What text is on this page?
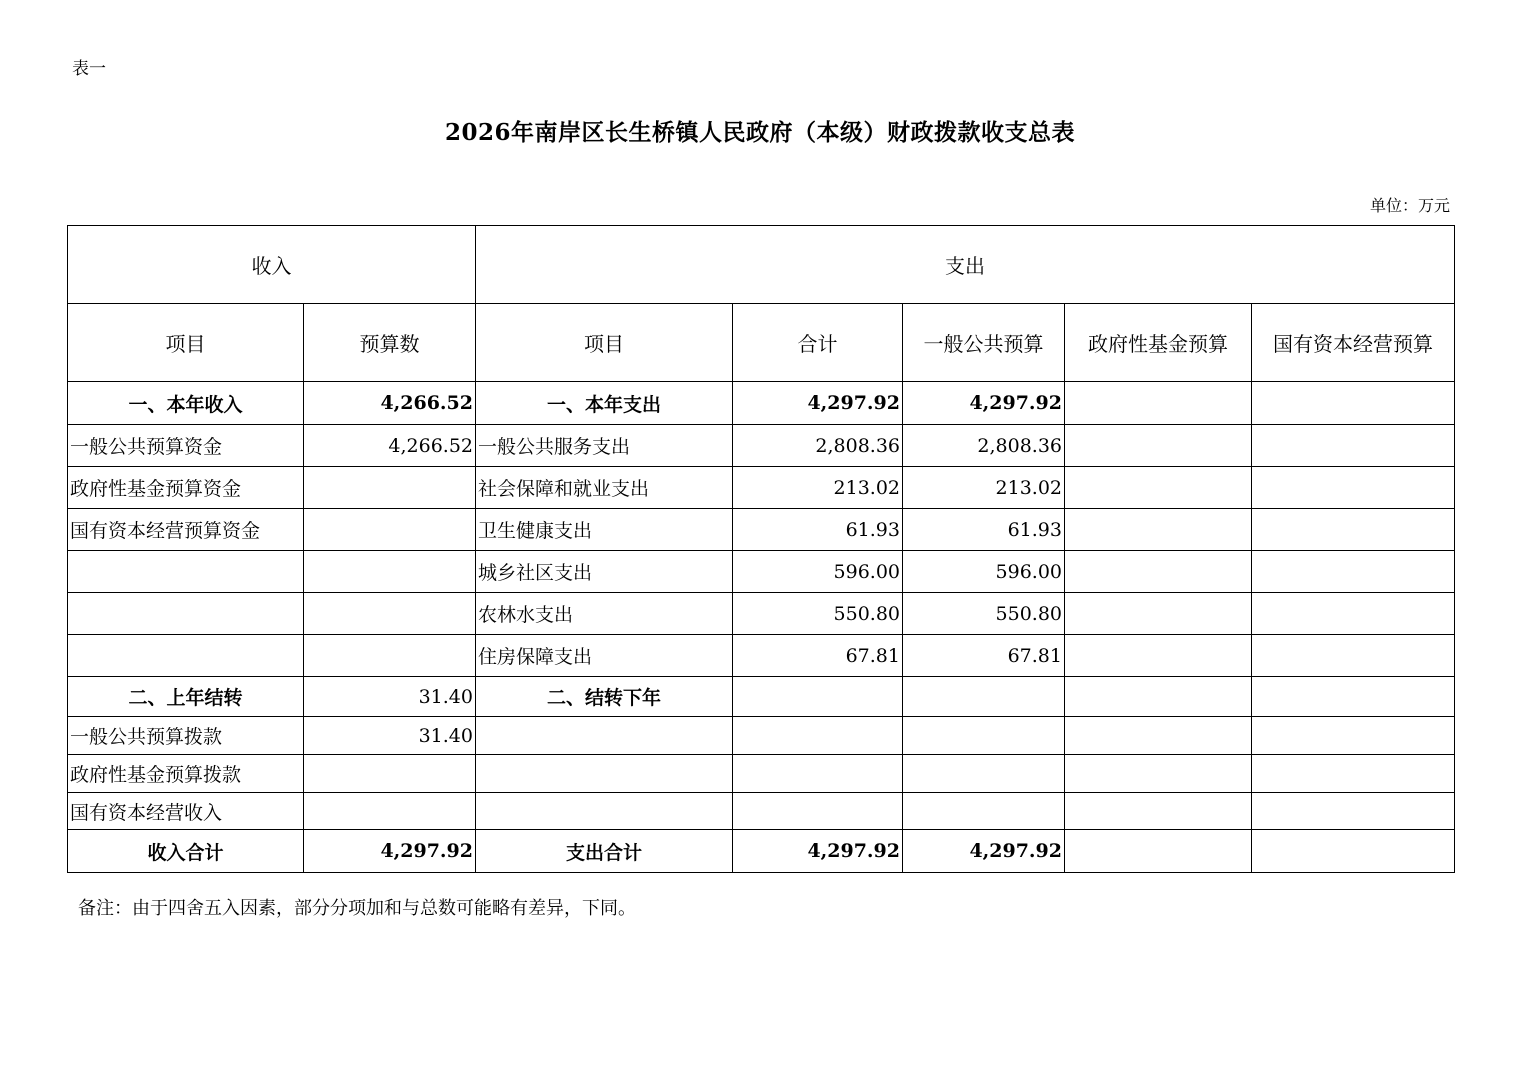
表一
2026年南岸区长生桥镇人民政府（本级）财政拨款收支总表
单位：万元
收入		支出				
项目	预算数	项目	合计	一般公共预算	政府性基金预算	国有资本经营预算
一、本年收入	4,266.52	一、本年支出	4,297.92	4,297.92		
一般公共预算资金	4,266.52	一般公共服务支出	2,808.36	2,808.36		
政府性基金预算资金		社会保障和就业支出	213.02	213.02		
国有资本经营预算资金		卫生健康支出	61.93	61.93		
		城乡社区支出	596.00	596.00		
		农林水支出	550.80	550.80		
		住房保障支出	67.81	67.81		
二、上年结转	31.40	二、结转下年				
一般公共预算拨款	31.40					
政府性基金预算拨款						
国有资本经营收入						
收入合计	4,297.92	支出合计	4,297.92	4,297.92		
备注：由于四舍五入因素，部分分项加和与总数可能略有差异，下同。
